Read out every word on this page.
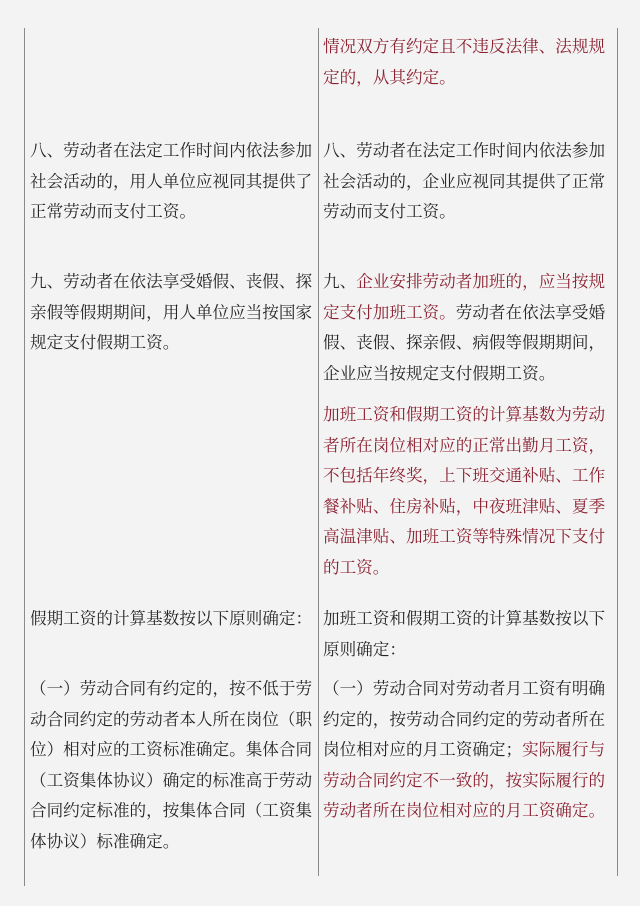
八、劳动者在法定工作时间内依法参加社会活动的，用人单位应视同其提供了正常劳动而支付工资。

九、劳动者在依法享受婚假、丧假、探亲假等假期期间，用人单位应当按国家规定支付假期工资。

假期工资的计算基数按以下原则确定：

（一）劳动合同有约定的，按不低于劳动合同约定的劳动者本人所在岗位（职位）相对应的工资标准确定。集体合同（工资集体协议）确定的标准高于劳动合同约定标准的，按集体合同（工资集体协议）标准确定。

情况双方有约定且不违反法律、法规规定的，从其约定。

八、劳动者在法定工作时间内依法参加社会活动的，企业应视同其提供了正常劳动而支付工资。

九、企业安排劳动者加班的，应当按规定支付加班工资。劳动者在依法享受婚假、丧假、探亲假、病假等假期期间，企业应当按规定支付假期工资。

加班工资和假期工资的计算基数为劳动者所在岗位相对应的正常出勤月工资，不包括年终奖，上下班交通补贴、工作餐补贴、住房补贴，中夜班津贴、夏季高温津贴、加班工资等特殊情况下支付的工资。

加班工资和假期工资的计算基数按以下原则确定：

（一）劳动合同对劳动者月工资有明确约定的，按劳动合同约定的劳动者所在岗位相对应的月工资确定；实际履行与劳动合同约定不一致的，按实际履行的劳动者所在岗位相对应的月工资确定。
